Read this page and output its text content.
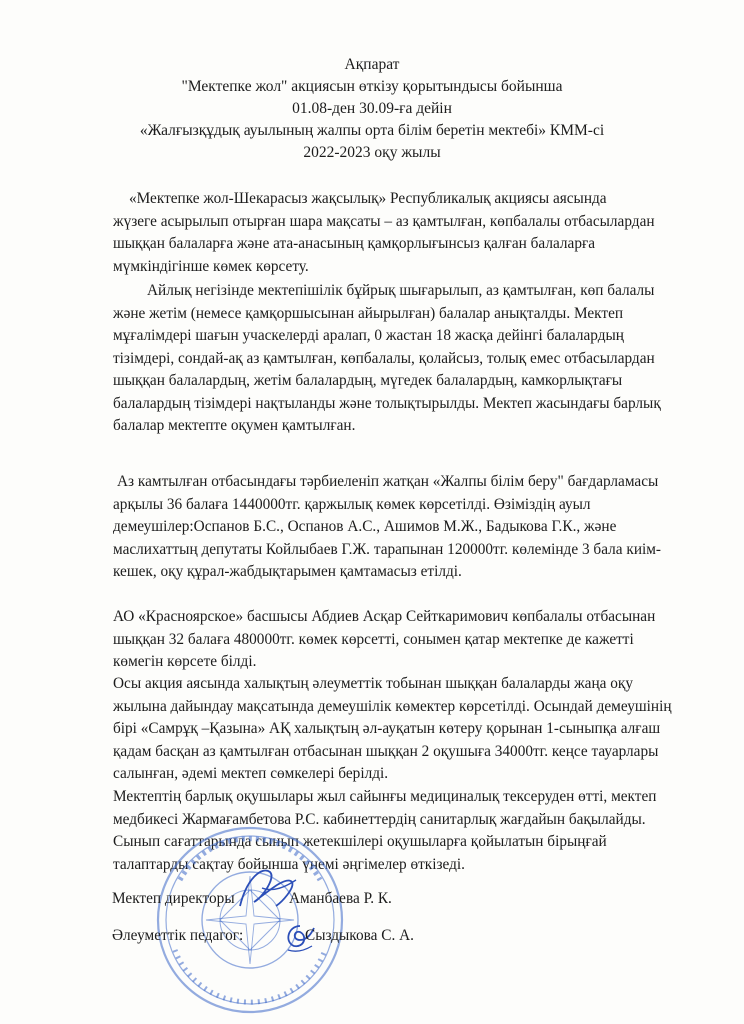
Ақпарат
"Мектепке жол" акциясын өткізу қорытындысы бойынша
01.08-ден 30.09-ға дейін
«Жалғызқұдық ауылының жалпы орта білім беретін мектебі» КММ-сі
2022-2023 оқу жылы

«Мектепке жол-Шекарасыз жақсылық» Республикалық акциясы аясында
жүзеге асырылып отырған шара мақсаты – аз қамтылған, көпбалалы отбасылардан шыққан балаларға және ата-анасының қамқорлығынсыз қалған балаларға мүмкіндігінше көмек көрсету.

Айлық негізінде мектепішілік бұйрық шығарылып, аз қамтылған, көп балалы және жетім (немесе қамқоршысынан айырылған) балалар анықталды. Мектеп мұғалімдері шағын учаскелерді аралап, 0 жастан 18 жасқа дейінгі балалардың тізімдері, сондай-ақ аз қамтылған, көпбалалы, қолайсыз, толық емес отбасылардан шыққан балалардың, жетім балалардың, мүгедек балалардың, камкорлықтағы балалардың тізімдері нақтыланды және толықтырылды. Мектеп жасындағы барлық балалар мектепте оқумен қамтылған.

Аз камтылған отбасындағы тәрбиеленіп жатқан «Жалпы білім беру" бағдарламасы арқылы 36 балаға 1440000тг. қаржылық көмек көрсетілді. Өзіміздің ауыл демеушілер:Оспанов Б.С., Оспанов А.С., Ашимов М.Ж., Бадыкова Г.К., және маслихаттың депутаты Койлыбаев Г.Ж. тарапынан 120000тг. көлемінде 3 бала киім-кешек, оқу құрал-жабдықтарымен қамтамасыз етілді.

АО «Красноярское» басшысы Абдиев Асқар Сейткаримович көпбалалы отбасынан шыққан 32 балаға 480000тг. көмек көрсетті, сонымен қатар мектепке де кажетті көмегін көрсете білді.

Осы акция аясында халықтың әлеуметтік тобынан шыққан балаларды жаңа оқу жылына дайындау мақсатында демеушілік көмектер көрсетілді. Осындай демеушінің бірі «Самрұқ –Қазына» АҚ халықтың әл-ауқатын көтеру қорынан 1-сыныпқа алғаш қадам басқан аз қамтылған отбасынан шыққан 2 оқушыға 34000тг. кеңсе тауарлары салынған, әдемі мектеп сөмкелері берілді.

Мектептің барлық оқушылары жыл сайынғы медициналық тексеруден өтті, мектеп медбикесі Жармағамбетова Р.С. кабинеттердің санитарлық жағдайын бақылайды. Сынып сағаттарында сынып жетекшілері оқушыларға қойылатын бірыңғай талаптарды сақтау бойынша үнемі әңгімелер өткізеді.

Мектеп директоры	Аманбаева Р. К.
Әлеуметтік педагог:	Сыздыкова С. А.
